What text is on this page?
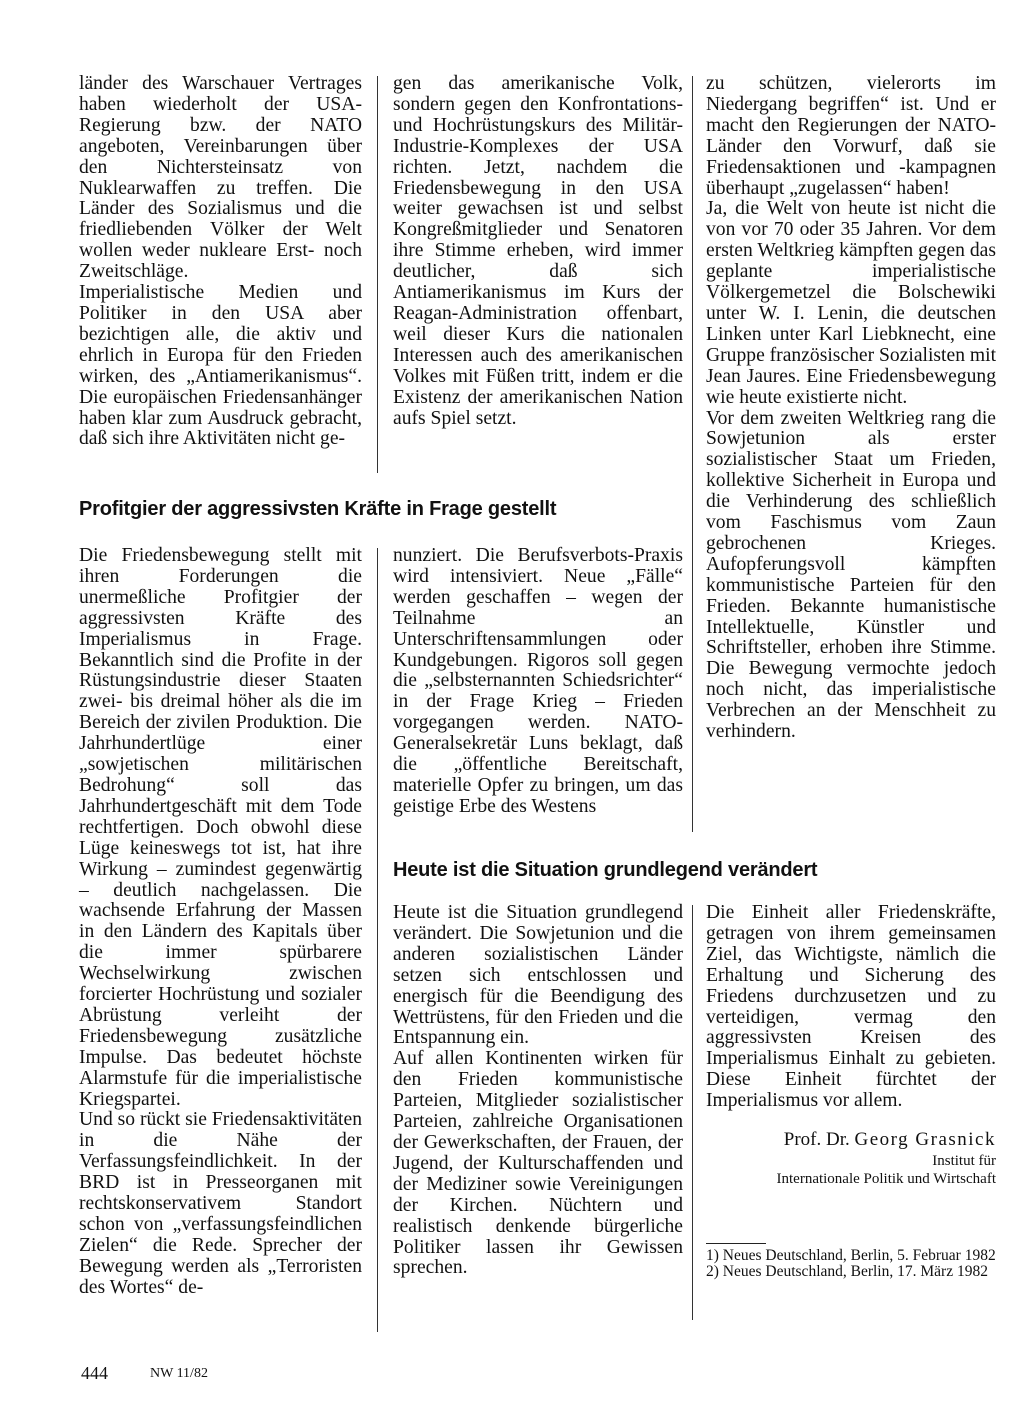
länder des Warschauer Vertrages haben wiederholt der USA-Regierung bzw. der NATO angeboten, Vereinbarungen über den Nichtersteinsatz von Nuklearwaffen zu treffen. Die Länder des Sozialismus und die friedliebenden Völker der Welt wollen weder nukleare Erst- noch Zweitschläge.

Imperialistische Medien und Politiker in den USA aber bezichtigen alle, die aktiv und ehrlich in Europa für den Frieden wirken, des „Antiamerikanismus“. Die europäischen Friedensanhänger haben klar zum Ausdruck gebracht, daß sich ihre Aktivitäten nicht ge-

gen das amerikanische Volk, sondern gegen den Konfrontations- und Hochrüstungskurs des Militär-Industrie-Komplexes der USA richten. Jetzt, nachdem die Friedensbewegung in den USA weiter gewachsen ist und selbst Kongreßmitglieder und Senatoren ihre Stimme erheben, wird immer deutlicher, daß sich Antiamerikanismus im Kurs der Reagan-Administration offenbart, weil dieser Kurs die nationalen Interessen auch des amerikanischen Volkes mit Füßen tritt, indem er die Existenz der amerikanischen Nation aufs Spiel setzt.

zu schützen, vielerorts im Niedergang begriffen“ ist. Und er macht den Regierungen der NATO-Länder den Vorwurf, daß sie Friedensaktionen und -kampagnen überhaupt „zugelassen“ haben!

Ja, die Welt von heute ist nicht die von vor 70 oder 35 Jahren. Vor dem ersten Weltkrieg kämpften gegen das geplante imperialistische Völkergemetzel die Bolschewiki unter W. I. Lenin, die deutschen Linken unter Karl Liebknecht, eine Gruppe französischer Sozialisten mit Jean Jaures. Eine Friedensbewegung wie heute existierte nicht.

Vor dem zweiten Weltkrieg rang die Sowjetunion als erster sozialistischer Staat um Frieden, kollektive Sicherheit in Europa und die Verhinderung des schließlich vom Faschismus vom Zaun gebrochenen Krieges. Aufopferungsvoll kämpften kommunistische Parteien für den Frieden. Bekannte humanistische Intellektuelle, Künstler und Schriftsteller, erhoben ihre Stimme. Die Bewegung vermochte jedoch noch nicht, das imperialistische Verbrechen an der Menschheit zu verhindern.

Profitgier der aggressivsten Kräfte in Frage gestellt

Die Friedensbewegung stellt mit ihren Forderungen die unermeßliche Profitgier der aggressivsten Kräfte des Imperialismus in Frage. Bekanntlich sind die Profite in der Rüstungsindustrie dieser Staaten zwei- bis dreimal höher als die im Bereich der zivilen Produktion. Die Jahrhundertlüge einer „sowjetischen militärischen Bedrohung“ soll das Jahrhundertgeschäft mit dem Tode rechtfertigen. Doch obwohl diese Lüge keineswegs tot ist, hat ihre Wirkung – zumindest gegenwärtig – deutlich nachgelassen. Die wachsende Erfahrung der Massen in den Ländern des Kapitals über die immer spürbarere Wechselwirkung zwischen forcierter Hochrüstung und sozialer Abrüstung verleiht der Friedensbewegung zusätzliche Impulse. Das bedeutet höchste Alarmstufe für die imperialistische Kriegspartei.

Und so rückt sie Friedensaktivitäten in die Nähe der Verfassungsfeindlichkeit. In der BRD ist in Presseorganen mit rechtskonservativem Standort schon von „verfassungsfeindlichen Zielen“ die Rede. Sprecher der Bewegung werden als „Terroristen des Wortes“ de-

nunziert. Die Berufsverbots-Praxis wird intensiviert. Neue „Fälle“ werden geschaffen – wegen der Teilnahme an Unterschriftensammlungen oder Kundgebungen. Rigoros soll gegen die „selbsternannten Schiedsrichter“ in der Frage Krieg – Frieden vorgegangen werden. NATO-Generalsekretär Luns beklagt, daß die „öffentliche Bereitschaft, materielle Opfer zu bringen, um das geistige Erbe des Westens

Heute ist die Situation grundlegend verändert

Heute ist die Situation grundlegend verändert. Die Sowjetunion und die anderen sozialistischen Länder setzen sich entschlossen und energisch für die Beendigung des Wettrüstens, für den Frieden und die Entspannung ein.

Auf allen Kontinenten wirken für den Frieden kommunistische Parteien, Mitglieder sozialistischer Parteien, zahlreiche Organisationen der Gewerkschaften, der Frauen, der Jugend, der Kulturschaffenden und der Mediziner sowie Vereinigungen der Kirchen. Nüchtern und realistisch denkende bürgerliche Politiker lassen ihr Gewissen sprechen.

Die Einheit aller Friedenskräfte, getragen von ihrem gemeinsamen Ziel, das Wichtigste, nämlich die Erhaltung und Sicherung des Friedens durchzusetzen und zu verteidigen, vermag den aggressivsten Kreisen des Imperialismus Einhalt zu gebieten. Diese Einheit fürchtet der Imperialismus vor allem.

Prof. Dr. Georg Grasnick
Institut für
Internationale Politik und Wirtschaft

1) Neues Deutschland, Berlin, 5. Februar 1982

2) Neues Deutschland, Berlin, 17. März 1982

444	NW 11/82
